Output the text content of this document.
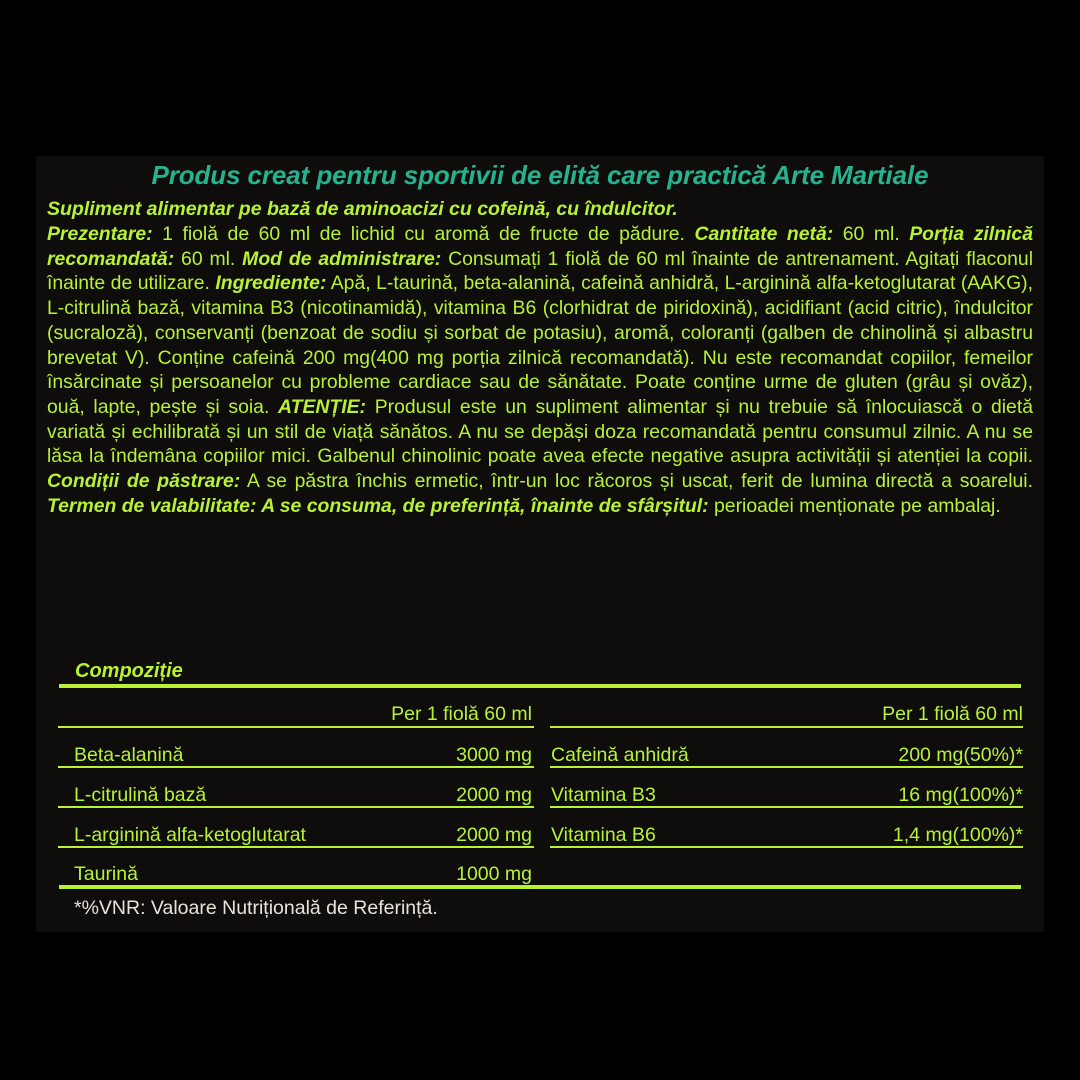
Produs creat pentru sportivii de elită care practică Arte Martiale
Supliment alimentar pe bază de aminoacizi cu cofeină, cu îndulcitor.
Prezentare: 1 fiolă de 60 ml de lichid cu aromă de fructe de pădure. Cantitate netă: 60 ml. Porția zilnică recomandată: 60 ml. Mod de administrare: Consumați 1 fiolă de 60 ml înainte de antrenament. Agitați flaconul înainte de utilizare. Ingrediente: Apă, L-taurină, beta-alanină, cafeină anhidră, L-arginină alfa-ketoglutarat (AAKG), L-citrulină bază, vitamina B3 (nicotinamidă), vitamina B6 (clorhidrat de piridoxină), acidifiant (acid citric), îndulcitor (sucraloză), conservanți (benzoat de sodiu și sorbat de potasiu), aromă, coloranți (galben de chinolină și albastru brevetat V). Conține cafeină 200 mg(400 mg porția zilnică recomandată). Nu este recomandat copiilor, femeilor însărcinate și persoanelor cu probleme cardiace sau de sănătate. Poate conține urme de gluten (grâu și ovăz), ouă, lapte, pește și soia. ATENȚIE: Produsul este un supliment alimentar și nu trebuie să înlocuiască o dietă variată și echilibrată și un stil de viață sănătos. A nu se depăși doza recomandată pentru consumul zilnic. A nu se lăsa la îndemâna copiilor mici. Galbenul chinolinic poate avea efecte negative asupra activității și atenției la copii. Condiții de păstrare: A se păstra închis ermetic, într-un loc răcoros și uscat, ferit de lumina directă a soarelui. Termen de valabilitate: A se consuma, de preferință, înainte de sfârșitul: perioadei menționate pe ambalaj.
Compoziție
Per 1 fiolă 60 ml	Per 1 fiolă 60 ml
Beta-alanină	3000 mg
L-citrulină bază	2000 mg
L-arginină alfa-ketoglutarat	2000 mg
Taurină	1000 mg
Cafeină anhidră	200 mg(50%)*
Vitamina B3	16 mg(100%)*
Vitamina B6	1,4 mg(100%)*
*%VNR: Valoare Nutrițională de Referință.
